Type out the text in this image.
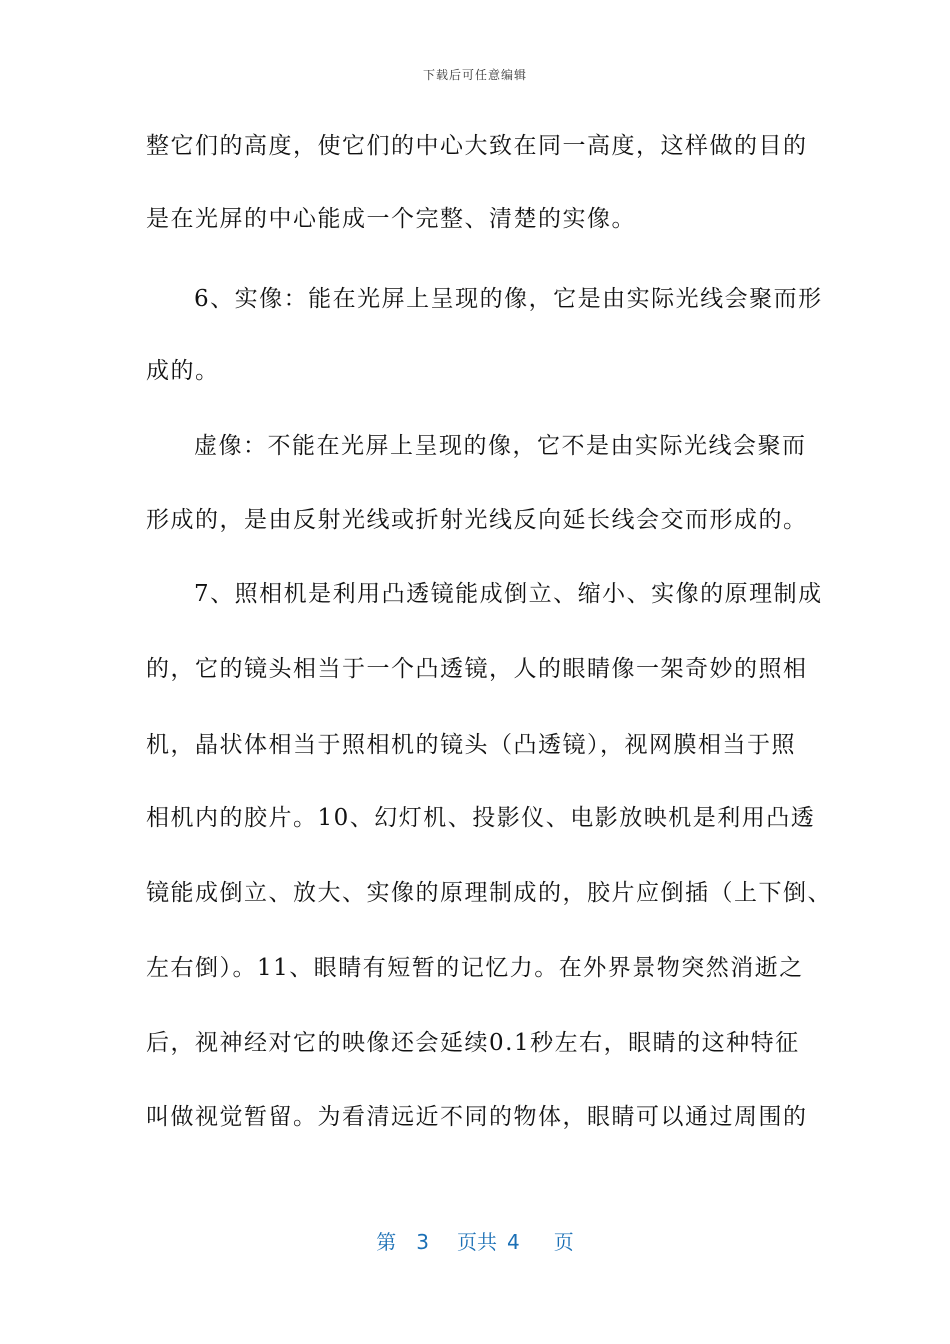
下载后可任意编辑
整它们的高度，使它们的中心大致在同一高度，这样做的目的
是在光屏的中心能成一个完整、清楚的实像。
6、实像：能在光屏上呈现的像，它是由实际光线会聚而形
成的。
虚像：不能在光屏上呈现的像，它不是由实际光线会聚而
形成的，是由反射光线或折射光线反向延长线会交而形成的。
7、照相机是利用凸透镜能成倒立、缩小、实像的原理制成
的，它的镜头相当于一个凸透镜，人的眼睛像一架奇妙的照相
机，晶状体相当于照相机的镜头（凸透镜），视网膜相当于照
相机内的胶片。10、幻灯机、投影仪、电影放映机是利用凸透
镜能成倒立、放大、实像的原理制成的，胶片应倒插（上下倒、
左右倒）。11、眼睛有短暂的记忆力。在外界景物突然消逝之
后，视神经对它的映像还会延续0.1秒左右，眼睛的这种特征
叫做视觉暂留。为看清远近不同的物体，眼睛可以通过周围的
第 3 页共 4 页
